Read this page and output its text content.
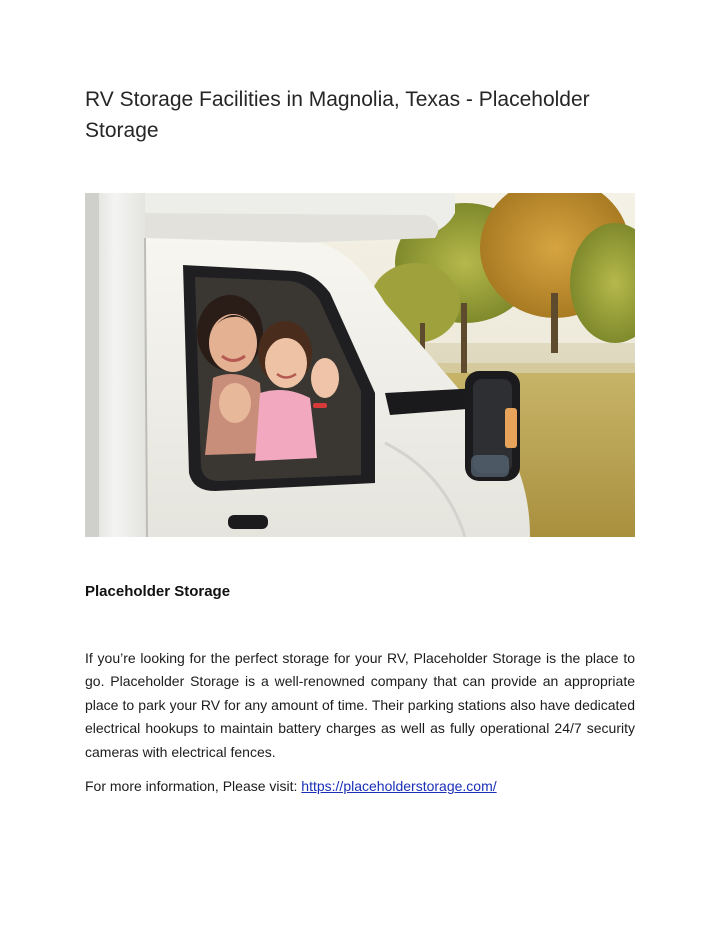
RV Storage Facilities in Magnolia, Texas - Placeholder Storage
Placeholder Storage

If you’re looking for the perfect storage for your RV, Placeholder Storage is the place to go. Placeholder Storage is a well-renowned company that can provide an appropriate place to park your RV for any amount of time. Their parking stations also have dedicated electrical hookups to maintain battery charges as well as fully operational 24/7 security cameras with electrical fences.

For more information, Please visit: https://placeholderstorage.com/
